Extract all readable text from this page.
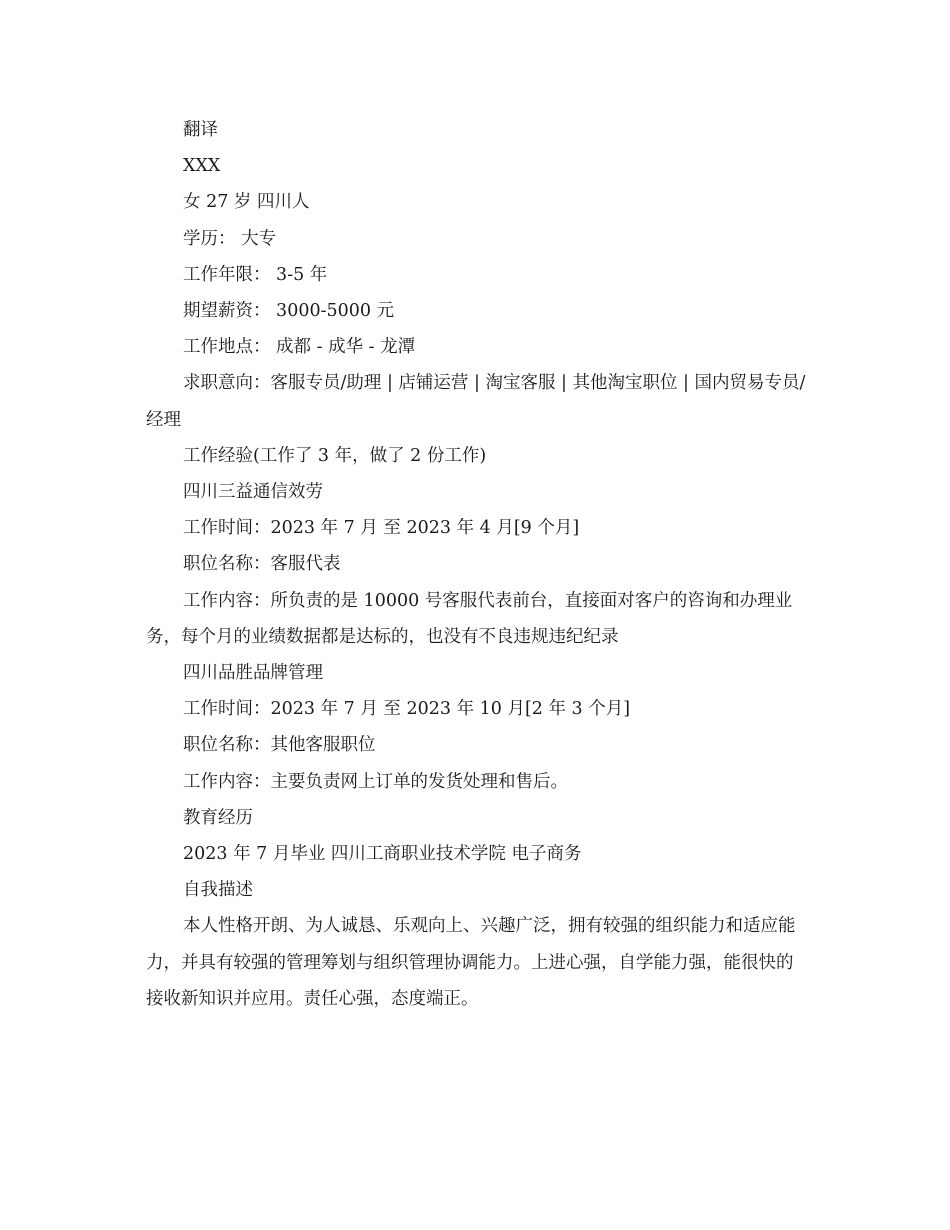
翻译

XXX

女 27 岁 四川人

学历： 大专

工作年限： 3-5 年

期望薪资： 3000-5000 元

工作地点： 成都 - 成华 - 龙潭

求职意向：客服专员/助理 | 店铺运营 | 淘宝客服 | 其他淘宝职位 | 国内贸易专员/经理

工作经验(工作了 3 年，做了 2 份工作)

四川三益通信效劳

工作时间：2023 年 7 月 至 2023 年 4 月[9 个月]

职位名称：客服代表

工作内容：所负责的是 10000 号客服代表前台，直接面对客户的咨询和办理业务，每个月的业绩数据都是达标的，也没有不良违规违纪纪录

四川品胜品牌管理

工作时间：2023 年 7 月 至 2023 年 10 月[2 年 3 个月]

职位名称：其他客服职位

工作内容：主要负责网上订单的发货处理和售后。

教育经历

2023 年 7 月毕业 四川工商职业技术学院 电子商务

自我描述

本人性格开朗、为人诚恳、乐观向上、兴趣广泛，拥有较强的组织能力和适应能力，并具有较强的管理筹划与组织管理协调能力。上进心强，自学能力强，能很快的接收新知识并应用。责任心强，态度端正。
